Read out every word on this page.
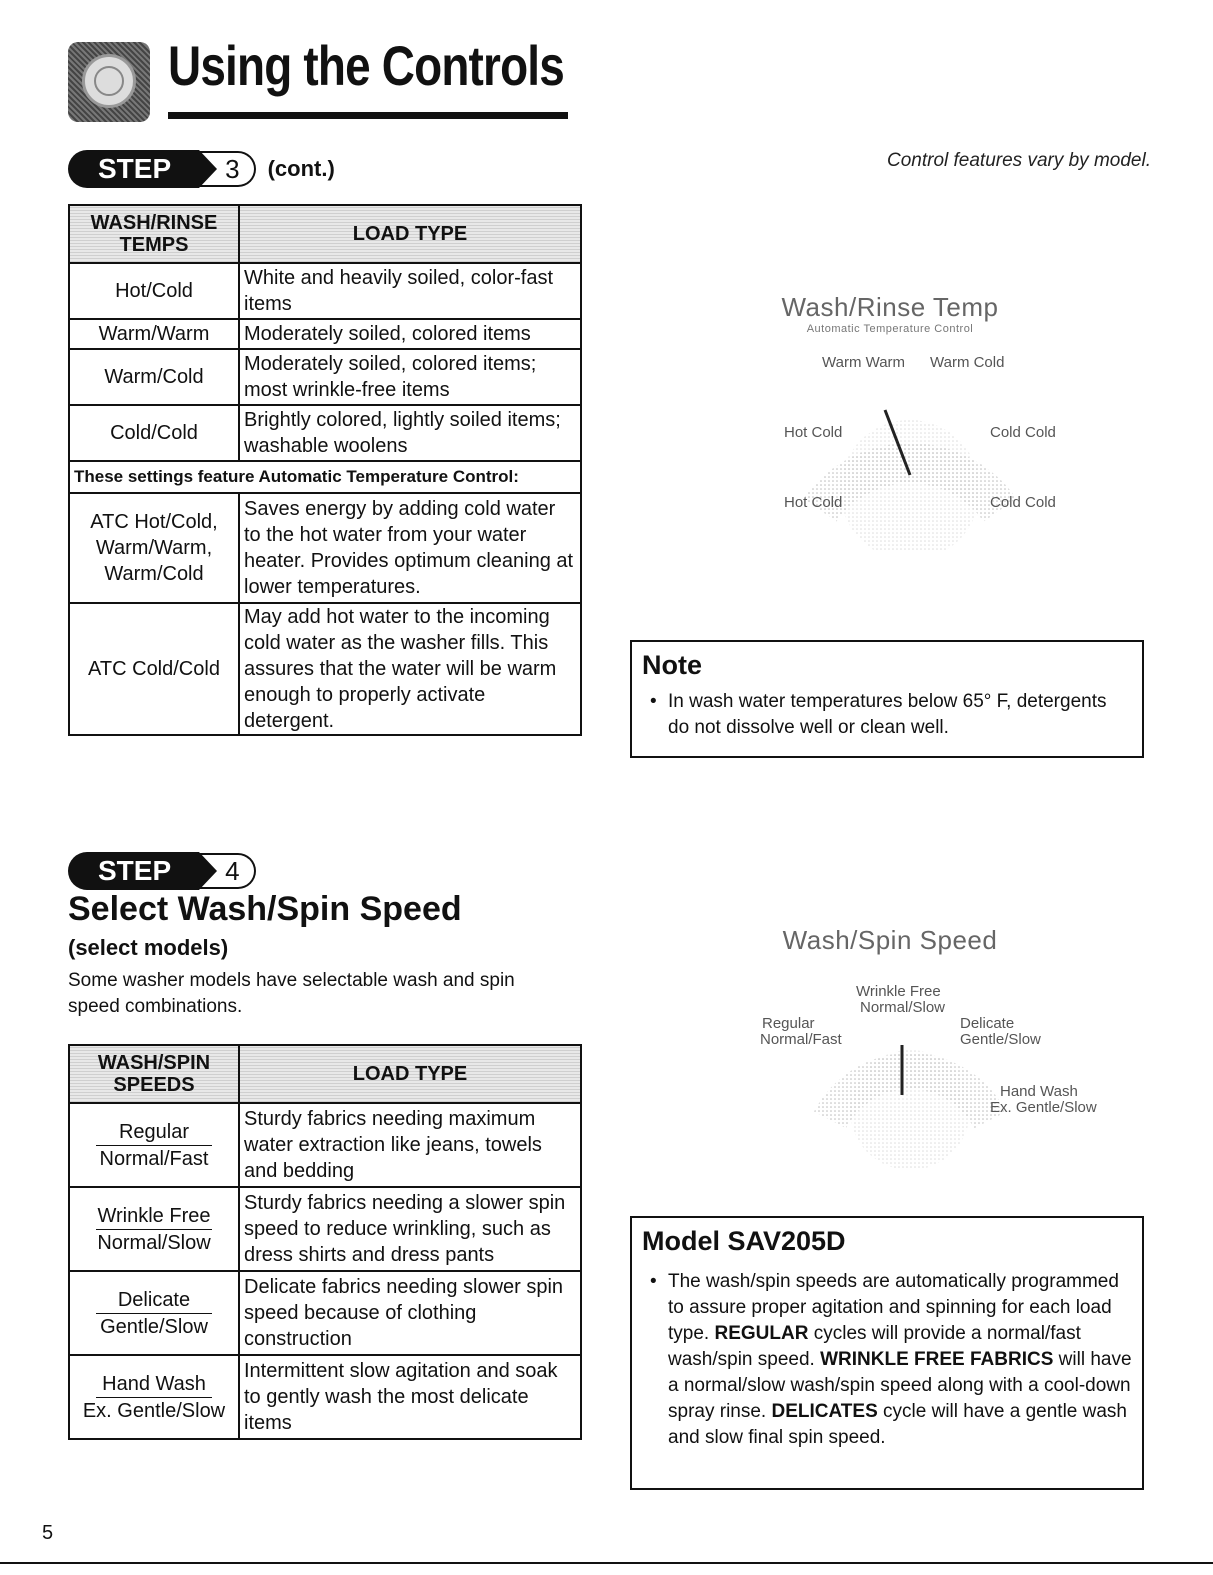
Using the Controls
STEP	3	(cont.)	Control features vary by model.
WASH/RINSE TEMPS	LOAD TYPE
Hot/Cold	White and heavily soiled, color-fast items
Warm/Warm	Moderately soiled, colored items
Warm/Cold	Moderately soiled, colored items; most wrinkle-free items
Cold/Cold	Brightly colored, lightly soiled items; washable woolens
These settings feature Automatic Temperature Control:	
ATC Hot/Cold, Warm/Warm, Warm/Cold	Saves energy by adding cold water to the hot water from your water heater. Provides optimum cleaning at lower temperatures.
ATC Cold/Cold	May add hot water to the incoming cold water as the washer fills. This assures that the water will be warm enough to properly activate detergent.
Wash/Rinse Temp
Automatic Temperature Control
Warm Warm Warm Cold
Hot Cold	Cold Cold
Hot Cold	Cold Cold
Note
• In wash water temperatures below 65° F, detergents do not dissolve well or clean well.
STEP	4
Select Wash/Spin Speed
(select models)
Some washer models have selectable wash and spin speed combinations.
WASH/SPIN SPEEDS	LOAD TYPE
Regular
Normal/Fast	Sturdy fabrics needing maximum water extraction like jeans, towels and bedding
Wrinkle Free
Normal/Slow	Sturdy fabrics needing a slower spin speed to reduce wrinkling, such as dress shirts and dress pants
Delicate
Gentle/Slow	Delicate fabrics needing slower spin speed because of clothing construction
Hand Wash
Ex. Gentle/Slow	Intermittent slow agitation and soak to gently wash the most delicate items
Wash/Spin Speed
Wrinkle Free
Normal/Slow
Regular
Normal/Fast
Delicate
Gentle/Slow
Hand Wash
Ex. Gentle/Slow
Model SAV205D
• The wash/spin speeds are automatically programmed to assure proper agitation and spinning for each load type. REGULAR cycles will provide a normal/fast wash/spin speed. WRINKLE FREE FABRICS will have a normal/slow wash/spin speed along with a cool-down spray rinse. DELICATES cycle will have a gentle wash and slow final spin speed.
5
